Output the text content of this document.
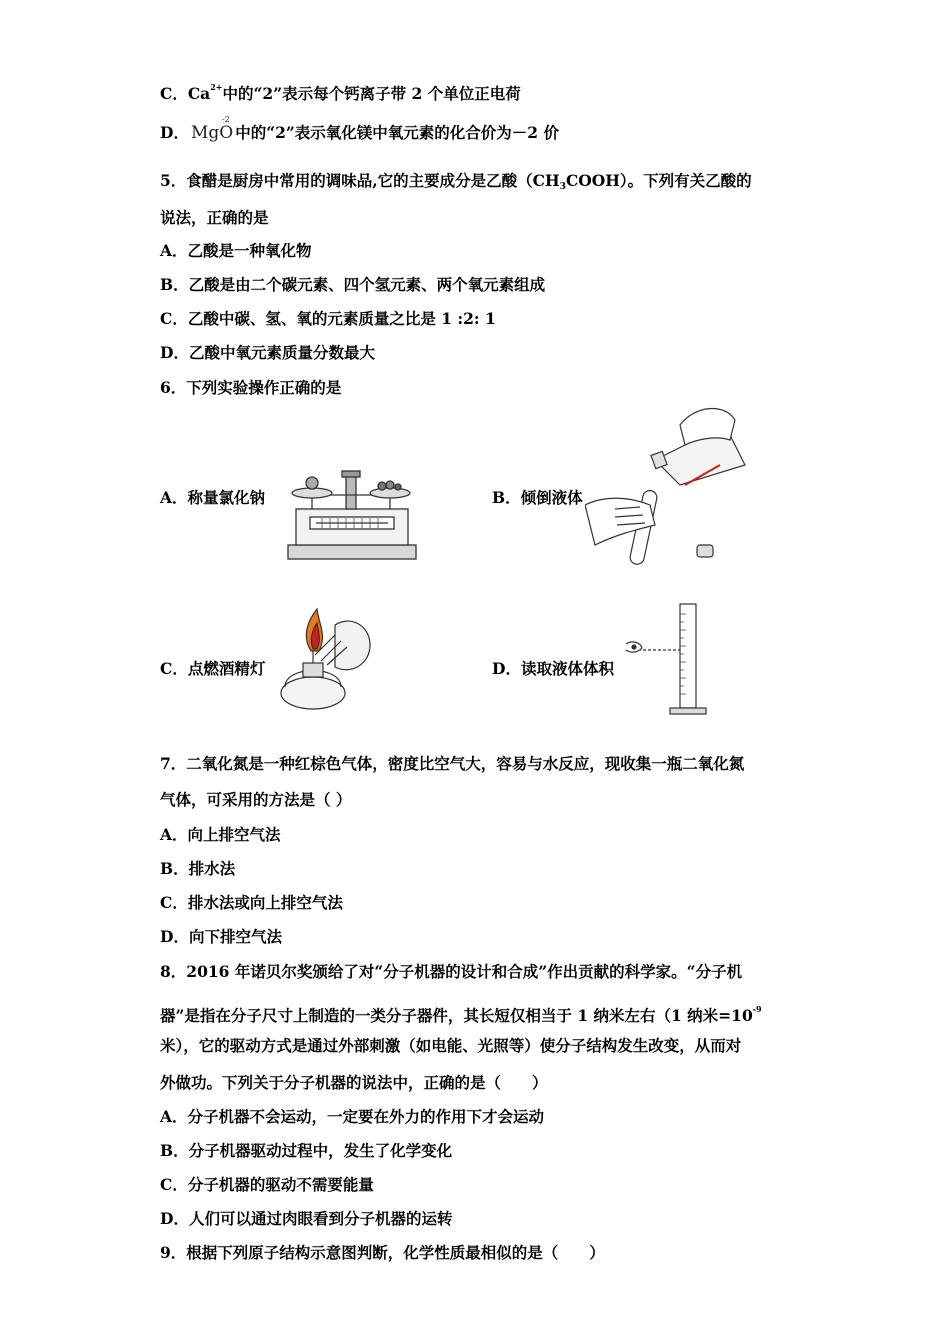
C．$Ca^{2+}$中的“2”表示每个钙离子带 2 个单位正电荷
D． MgO
-2
中的“2”表示氧化镁中氧元素的化合价为－2 价
5．食醋是厨房中常用的调味品,它的主要成分是乙酸$(CH_3COOH)$。下列有关乙酸的
说法，正确的是
A．乙酸是一种氧化物
B．乙酸是由二个碳元素、四个氢元素、两个氧元素组成
C．乙酸中碳、氢、氧的元素质量之比是 1 :2: 1
D．乙酸中氧元素质量分数最大
6．下列实验操作正确的是
A．称量氯化钠	B．倾倒液体
C．点燃酒精灯	D．读取液体体积
7．二氧化氮是一种红棕色气体，密度比空气大，容易与水反应，现收集一瓶二氧化氮
气体，可采用的方法是（ ）
A．向上排空气法
B．排水法
C．排水法或向上排空气法
D．向下排空气法
8．2016 年诺贝尔奖颁给了对“分子机器的设计和合成”作出贡献的科学家。“分子机
器”是指在分子尺寸上制造的一类分子器件，其长短仅相当于 1 纳米左右（1 纳米$=10^{-9}$
米），它的驱动方式是通过外部刺激（如电能、光照等）使分子结构发生改变，从而对
外做功。下列关于分子机器的说法中，正确的是（　　）
A．分子机器不会运动，一定要在外力的作用下才会运动
B．分子机器驱动过程中，发生了化学变化
C．分子机器的驱动不需要能量
D．人们可以通过肉眼看到分子机器的运转
9．根据下列原子结构示意图判断，化学性质最相似的是（　　）
